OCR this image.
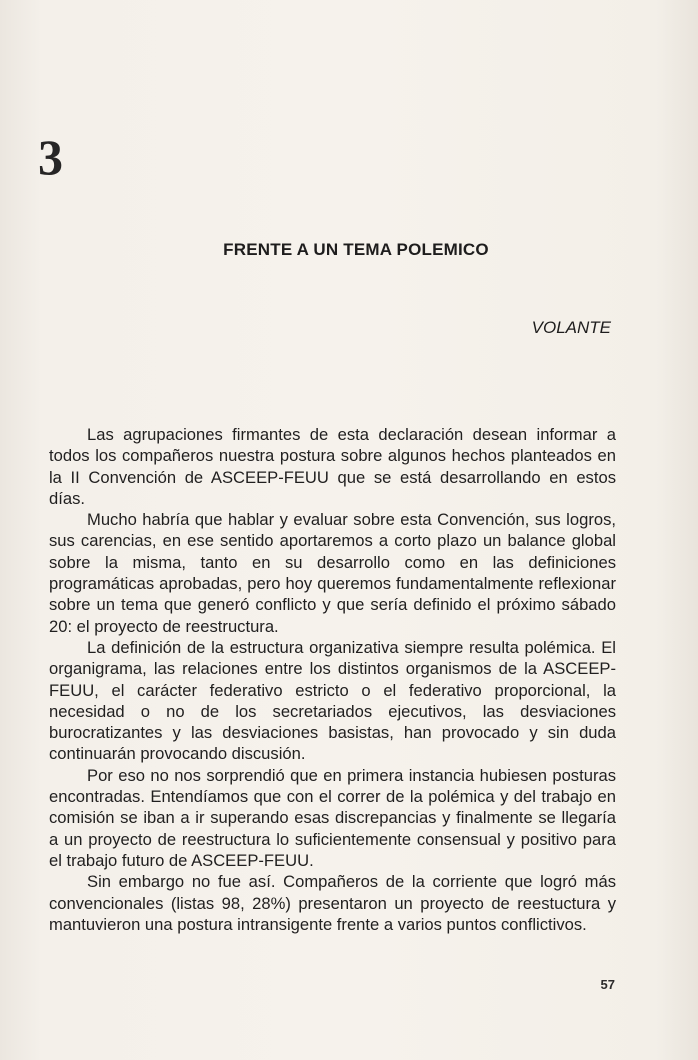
3
FRENTE A UN TEMA POLEMICO
VOLANTE

Las agrupaciones firmantes de esta declaración desean informar a todos los compañeros nuestra postura sobre algunos hechos planteados en la II Convención de ASCEEP-FEUU que se está desarrollando en estos días.

Mucho habría que hablar y evaluar sobre esta Convención, sus logros, sus carencias, en ese sentido aportaremos a corto plazo un balance global sobre la misma, tanto en su desarrollo como en las definiciones programáticas aprobadas, pero hoy queremos fundamentalmente reflexionar sobre un tema que generó conflicto y que sería definido el próximo sábado 20: el proyecto de reestructura.

La definición de la estructura organizativa siempre resulta polémica. El organigrama, las relaciones entre los distintos organismos de la ASCEEP-FEUU, el carácter federativo estricto o el federativo proporcional, la necesidad o no de los secretariados ejecutivos, las desviaciones burocratizantes y las desviaciones basistas, han provocado y sin duda continuarán provocando discusión.

Por eso no nos sorprendió que en primera instancia hubiesen posturas encontradas. Entendíamos que con el correr de la polémica y del trabajo en comisión se iban a ir superando esas discrepancias y finalmente se llegaría a un proyecto de reestructura lo suficientemente consensual y positivo para el trabajo futuro de ASCEEP-FEUU.

Sin embargo no fue así. Compañeros de la corriente que logró más convencionales (listas 98, 28%) presentaron un proyecto de reestuctura y mantuvieron una postura intransigente frente a varios puntos conflictivos.

57
